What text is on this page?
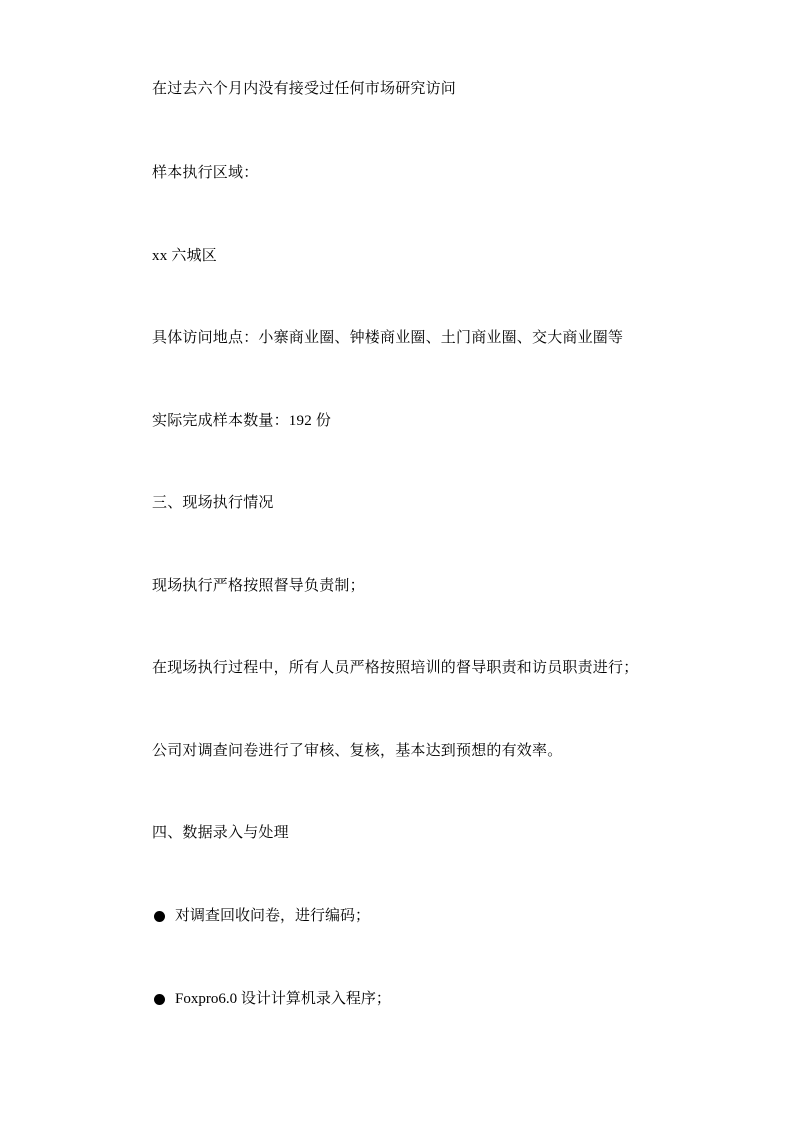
在过去六个月内没有接受过任何市场研究访问
样本执行区域：
xx 六城区
具体访问地点：小寨商业圈、钟楼商业圈、土门商业圈、交大商业圈等
实际完成样本数量：192 份
三、现场执行情况
现场执行严格按照督导负责制；
在现场执行过程中，所有人员严格按照培训的督导职责和访员职责进行；
公司对调查问卷进行了审核、复核，基本达到预想的有效率。
四、数据录入与处理
对调查回收问卷，进行编码；
Foxpro6.0 设计计算机录入程序；
